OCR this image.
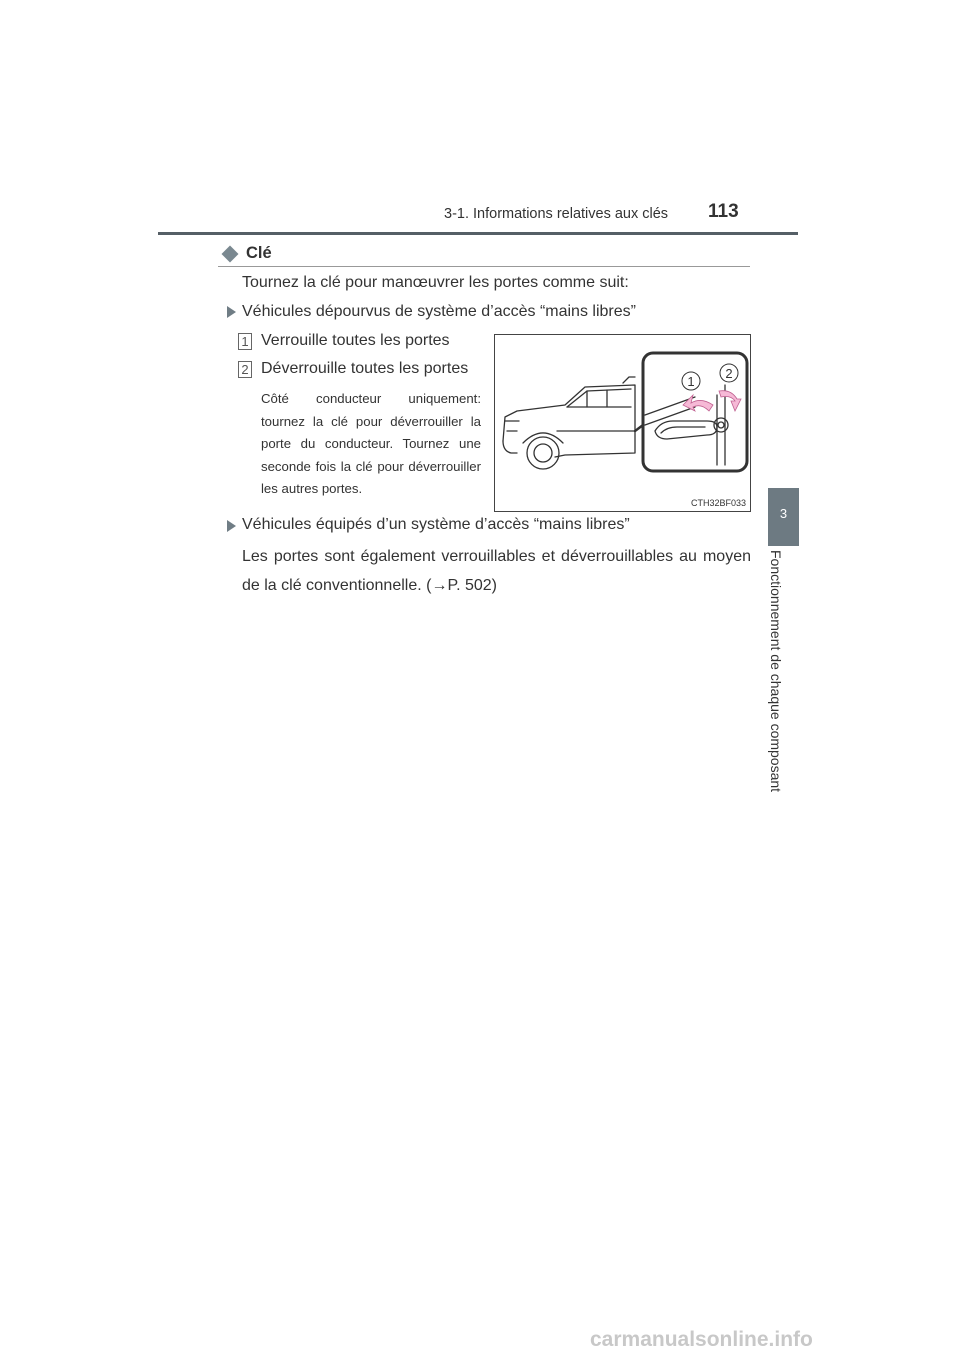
3-1. Informations relatives aux clés 113
3
Fonctionnement de chaque composant
Clé
Tournez la clé pour manœuvrer les portes comme suit:
Véhicules dépourvus de système d’accès “mains libres”
1 Verrouille toutes les portes
2 Déverrouille toutes les portes
Côté conducteur uniquement: tournez la clé pour déverrouiller la porte du conducteur. Tournez une seconde fois la clé pour déverrouiller les autres portes.
1
2
CTH32BF033
Véhicules équipés d’un système d’accès “mains libres”
Les portes sont également verrouillables et déverrouillables au moyen de la clé conventionnelle. (→P. 502)
carmanualsonline.info
